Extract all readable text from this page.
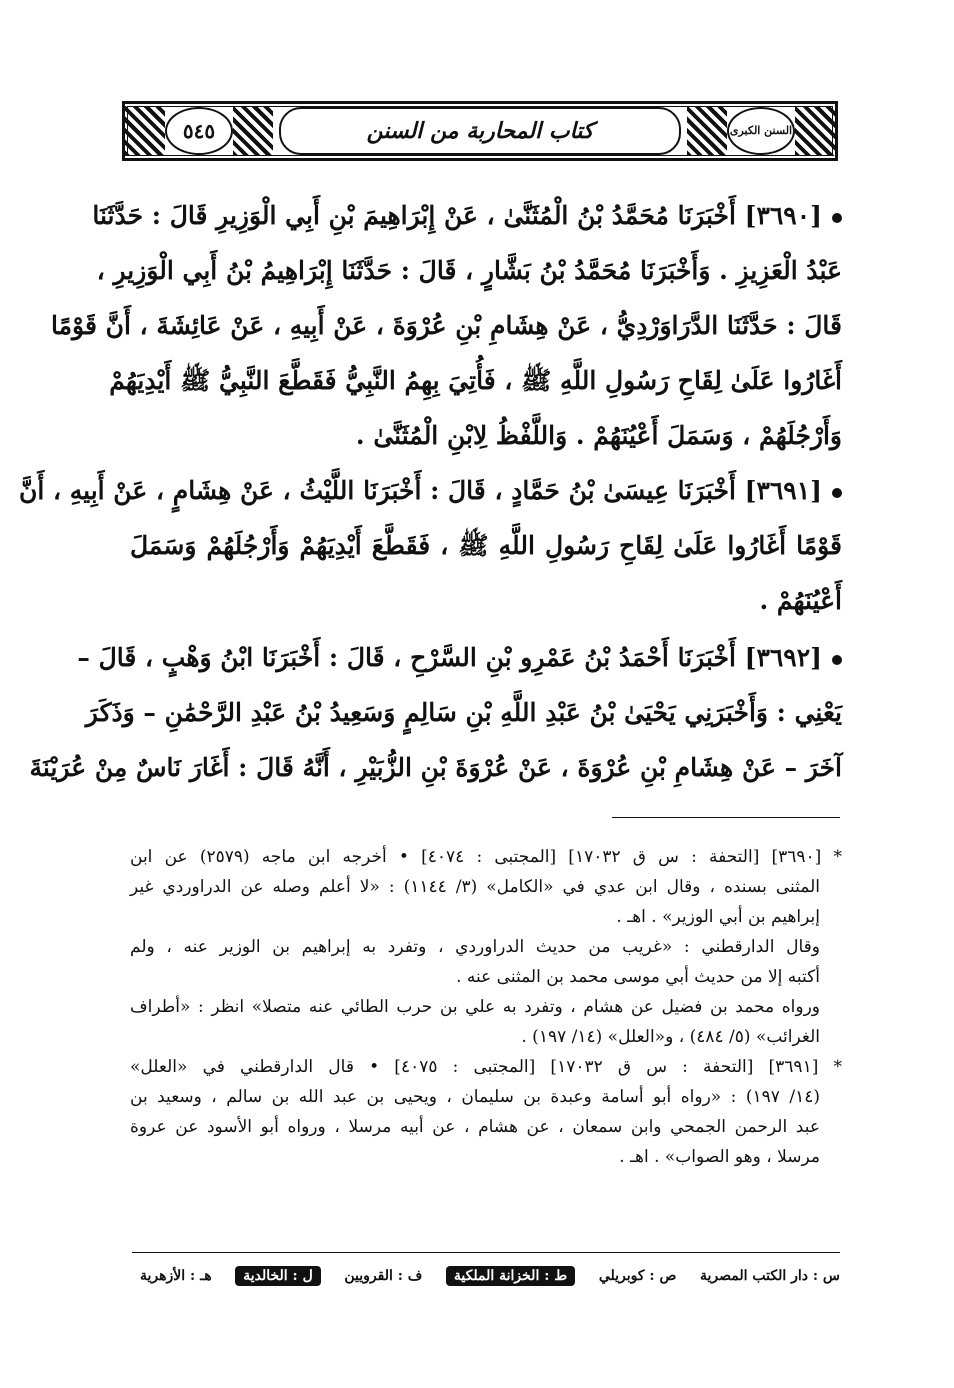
٥٤٥	كتاب المحاربة من السنن	السنن الكبرى
[٣٦٩٠] أَخْبَرَنَا مُحَمَّدُ بْنُ الْمُثَنَّىٰ ، عَنْ إِبْرَاهِيمَ بْنِ أَبِي الْوَزِيرِ قَالَ : حَدَّثَنَا
عَبْدُ الْعَزِيزِ . وَأَخْبَرَنَا مُحَمَّدُ بْنُ بَشَّارٍ ، قَالَ : حَدَّثَنَا إِبْرَاهِيمُ بْنُ أَبِي الْوَزِيرِ ،
قَالَ : حَدَّثَنَا الدَّرَاوَرْدِيُّ ، عَنْ هِشَامِ بْنِ عُرْوَةَ ، عَنْ أَبِيهِ ، عَنْ عَائِشَةَ ، أَنَّ قَوْمًا
أَغَارُوا عَلَىٰ لِقَاحِ رَسُولِ اللَّهِ ﷺ ، فَأُتِيَ بِهِمُ النَّبِيُّ فَقَطَّعَ النَّبِيُّ ﷺ أَيْدِيَهُمْ
وَأَرْجُلَهُمْ ، وَسَمَلَ أَعْيُنَهُمْ . وَاللَّفْظُ لِابْنِ الْمُثَنَّىٰ .
[٣٦٩١] أَخْبَرَنَا عِيسَىٰ بْنُ حَمَّادٍ ، قَالَ : أَخْبَرَنَا اللَّيْثُ ، عَنْ هِشَامٍ ، عَنْ أَبِيهِ ، أَنَّ
قَوْمًا أَغَارُوا عَلَىٰ لِقَاحِ رَسُولِ اللَّهِ ﷺ ، فَقَطَّعَ أَيْدِيَهُمْ وَأَرْجُلَهُمْ وَسَمَلَ
أَعْيُنَهُمْ .
[٣٦٩٢] أَخْبَرَنَا أَحْمَدُ بْنُ عَمْرِو بْنِ السَّرْحِ ، قَالَ : أَخْبَرَنَا ابْنُ وَهْبٍ ، قَالَ –
يَعْنِي : وَأَخْبَرَنِي يَحْيَىٰ بْنُ عَبْدِ اللَّهِ بْنِ سَالِمٍ وَسَعِيدُ بْنُ عَبْدِ الرَّحْمَٰنِ – وَذَكَرَ
آخَرَ – عَنْ هِشَامِ بْنِ عُرْوَةَ ، عَنْ عُرْوَةَ بْنِ الزُّبَيْرِ ، أَنَّهُ قَالَ : أَغَارَ نَاسٌ مِنْ عُرَيْنَةَ
* [٣٦٩٠] [التحفة : س ق ١٧٠٣٢] [المجتبى : ٤٠٧٤] • أخرجه ابن ماجه (٢٥٧٩) عن ابن
المثنى بسنده ، وقال ابن عدي في «الكامل» (٣/ ١١٤٤) : «لا أعلم وصله عن الدراوردي غير
إبراهيم بن أبي الوزير» . اهـ .
وقال الدارقطني : «غريب من حديث الدراوردي ، وتفرد به إبراهيم بن الوزير عنه ، ولم
أكتبه إلا من حديث أبي موسى محمد بن المثنى عنه .
ورواه محمد بن فضيل عن هشام ، وتفرد به علي بن حرب الطائي عنه متصلا» انظر : «أطراف
الغرائب» (٥/ ٤٨٤) ، و«العلل» (١٤/ ١٩٧) .
* [٣٦٩١] [التحفة : س ق ١٧٠٣٢] [المجتبى : ٤٠٧٥] • قال الدارقطني في «العلل»
(١٤/ ١٩٧) : «رواه أبو أسامة وعبدة بن سليمان ، ويحيى بن عبد الله بن سالم ، وسعيد بن
عبد الرحمن الجمحي وابن سمعان ، عن هشام ، عن أبيه مرسلا ، ورواه أبو الأسود عن عروة
مرسلا ، وهو الصواب» . اهـ .
س : دار الكتب المصرية
ص : كوبريلي
ط : الخزانة الملكية
ف : القرويين
ل : الخالدية
هـ : الأزهرية
